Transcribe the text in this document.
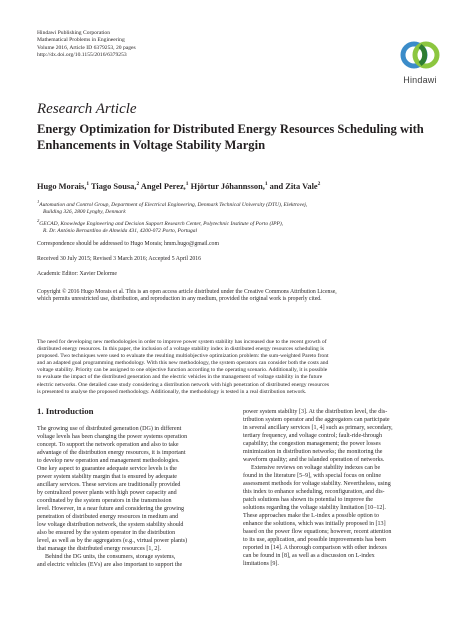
Hindawi Publishing Corporation
Mathematical Problems in Engineering
Volume 2016, Article ID 6379253, 20 pages
http://dx.doi.org/10.1155/2016/6379253
Hindawi
Research Article
Energy Optimization for Distributed Energy Resources Scheduling with Enhancements in Voltage Stability Margin
Hugo Morais,$^1$ Tiago Sousa,$^2$ Angel Perez,$^1$ Hjörtur Jóhannsson,$^1$ and Zita Vale$^2$
$^1$Automation and Control Group, Department of Electrical Engineering, Denmark Technical University (DTU), Elektrovej,
Building 326, 2800 Lyngby, Denmark
$^2$GECAD, Knowledge Engineering and Decision Support Research Center, Polytechnic Institute of Porto (IPP),
R. Dr. António Bernardino de Almeida 431, 4200-072 Porto, Portugal
Correspondence should be addressed to Hugo Morais; hmm.hugo@gmail.com
Received 30 July 2015; Revised 3 March 2016; Accepted 5 April 2016
Academic Editor: Xavier Delorme
Copyright © 2016 Hugo Morais et al. This is an open access article distributed under the Creative Commons Attribution License,
which permits unrestricted use, distribution, and reproduction in any medium, provided the original work is properly cited.
The need for developing new methodologies in order to improve power system stability has increased due to the recent growth of
distributed energy resources. In this paper, the inclusion of a voltage stability index in distributed energy resources scheduling is
proposed. Two techniques were used to evaluate the resulting multiobjective optimization problem: the sum-weighted Pareto front
and an adapted goal programming methodology. With this new methodology, the system operators can consider both the costs and
voltage stability. Priority can be assigned to one objective function according to the operating scenario. Additionally, it is possible
to evaluate the impact of the distributed generation and the electric vehicles in the management of voltage stability in the future
electric networks. One detailed case study considering a distribution network with high penetration of distributed energy resources
is presented to analyse the proposed methodology. Additionally, the methodology is tested in a real distribution network.
1. Introduction

The growing use of distributed generation (DG) in different
voltage levels has been changing the power systems operation
concept. To support the network operation and also to take
advantage of the distribution energy resources, it is important
to develop new operation and management methodologies.
One key aspect to guarantee adequate service levels is the
power system stability margin that is ensured by adequate
ancillary services. These services are traditionally provided
by centralized power plants with high power capacity and
coordinated by the system operators in the transmission
level. However, in a near future and considering the growing
penetration of distributed energy resources in medium and
low voltage distribution network, the system stability should
also be ensured by the system operator in the distribution
level, as well as by the aggregators (e.g., virtual power plants)
that manage the distributed energy resources [1, 2].

Behind the DG units, the consumers, storage systems,
and electric vehicles (EVs) are also important to support the

power system stability [3]. At the distribution level, the dis-
tribution system operator and the aggregators can participate
in several ancillary services [1, 4] such as primary, secondary,
tertiary frequency, and voltage control; fault-ride-through
capability; the congestion management; the power losses
minimization in distribution networks; the monitoring the
waveform quality; and the islanded operation of networks.

Extensive reviews on voltage stability indexes can be
found in the literature [5–9], with special focus on online
assessment methods for voltage stability. Nevertheless, using
this index to enhance scheduling, reconfiguration, and dis-
patch solutions has shown its potential to improve the
solutions regarding the voltage stability limitation [10–12].
These approaches make the L-index a possible option to
enhance the solutions, which was initially proposed in [13]
based on the power flow equations; however, recent attention
to its use, application, and possible improvements has been
reported in [14]. A thorough comparison with other indexes
can be found in [8], as well as a discussion on L-index
limitations [9].
